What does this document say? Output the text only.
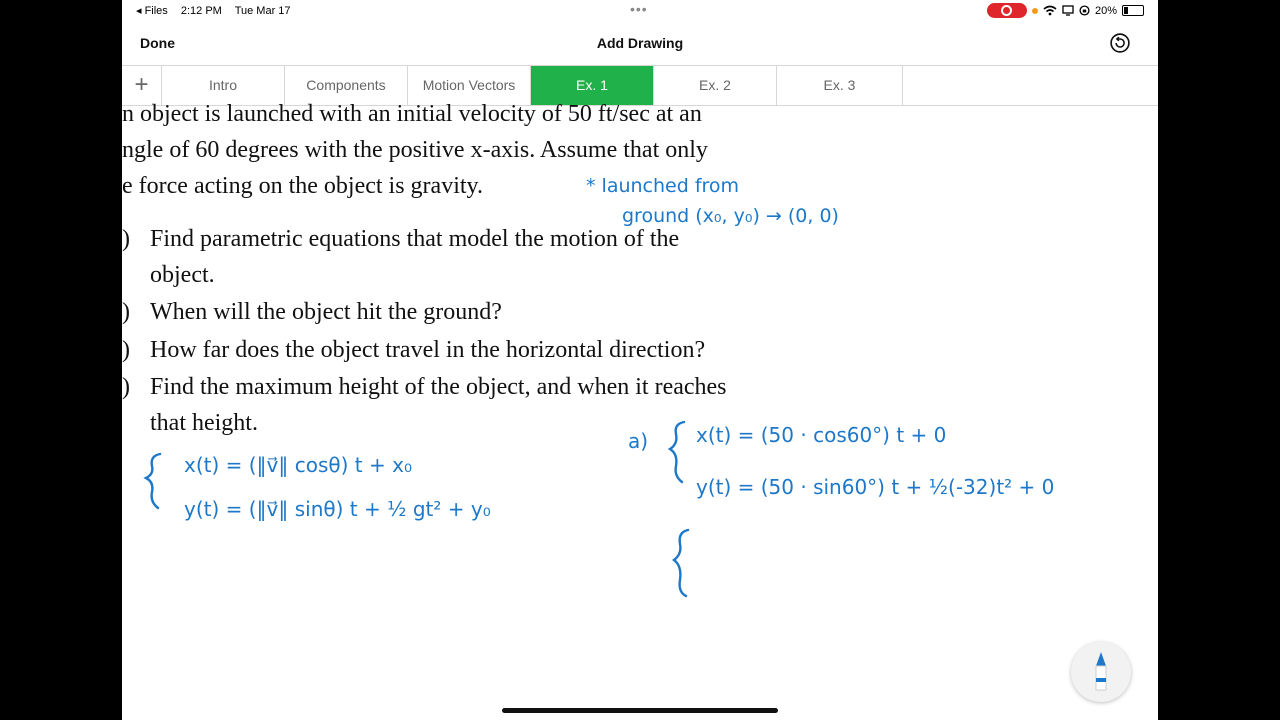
◂ Files 2:12 PM Tue Mar 17	•••	20%
Done	Add Drawing
+	Intro	Components	Motion Vectors	Ex. 1	Ex. 2	Ex. 3
n object is launched with an initial velocity of 50 ft/sec at an
ngle of 60 degrees with the positive x-axis. Assume that only
e force acting on the object is gravity.
) Find parametric equations that model the motion of the
object.
) When will the object hit the ground?
) How far does the object travel in the horizontal direction?
) Find the maximum height of the object, and when it reaches
that height.
* launched from
ground (x₀, y₀) → (0, 0)
x(t) = (‖v⃗‖ cosθ) t + x₀
y(t) = (‖v⃗‖ sinθ) t + ½ gt² + y₀
a) x(t) = (50 · cos60°) t + 0
y(t) = (50 · sin60°) t + ½(-32)t² + 0
